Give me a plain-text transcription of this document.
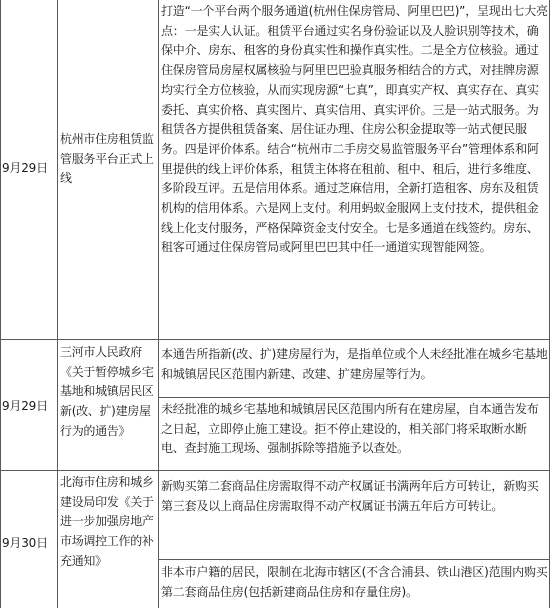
9月29日
杭州市住房租赁监管服务平台正式上线
打造“一个平台两个服务通道(杭州住保房管局、阿里巴巴)”，呈现出七大亮点：一是实人认证。租赁平台通过实名身份验证以及人脸识别等技术，确保中介、房东、租客的身份真实性和操作真实性。二是全方位核验。通过住保房管局房屋权属核验与阿里巴巴验真服务相结合的方式，对挂牌房源均实行全方位核验，从而实现房源“七真”，即真实产权、真实存在、真实委托、真实价格、真实图片、真实信用、真实评价。三是一站式服务。为租赁各方提供租赁备案、居住证办理、住房公积金提取等一站式便民服务。四是评价体系。结合“杭州市二手房交易监管服务平台”管理体系和阿里提供的线上评价体系，租赁主体将在租前、租中、租后，进行多维度、多阶段互评。五是信用体系。通过芝麻信用，全新打造租客、房东及租赁机构的信用体系。六是网上支付。利用蚂蚁金服网上支付技术，提供租金线上化支付服务，严格保障资金支付安全。七是多通道在线签约。房东、租客可通过住保房管局或阿里巴巴其中任一通道实现智能网签。
9月29日
三河市人民政府《关于暂停城乡宅基地和城镇居民区新(改、扩)建房屋行为的通告》
本通告所指新(改、扩)建房屋行为，是指单位或个人未经批准在城乡宅基地和城镇居民区范围内新建、改建、扩建房屋等行为。
未经批准的城乡宅基地和城镇居民区范围内所有在建房屋，自本通告发布之日起，立即停止施工建设。拒不停止建设的，相关部门将采取断水断电、查封施工现场、强制拆除等措施予以查处。
9月30日
北海市住房和城乡建设局印发《关于进一步加强房地产市场调控工作的补充通知》
新购买第二套商品住房需取得不动产权属证书满两年后方可转让，新购买第三套及以上商品住房需取得不动产权属证书满五年后方可转让。
非本市户籍的居民，限制在北海市辖区(不含合浦县、铁山港区)范围内购买第二套商品住房(包括新建商品住房和存量住房)。
